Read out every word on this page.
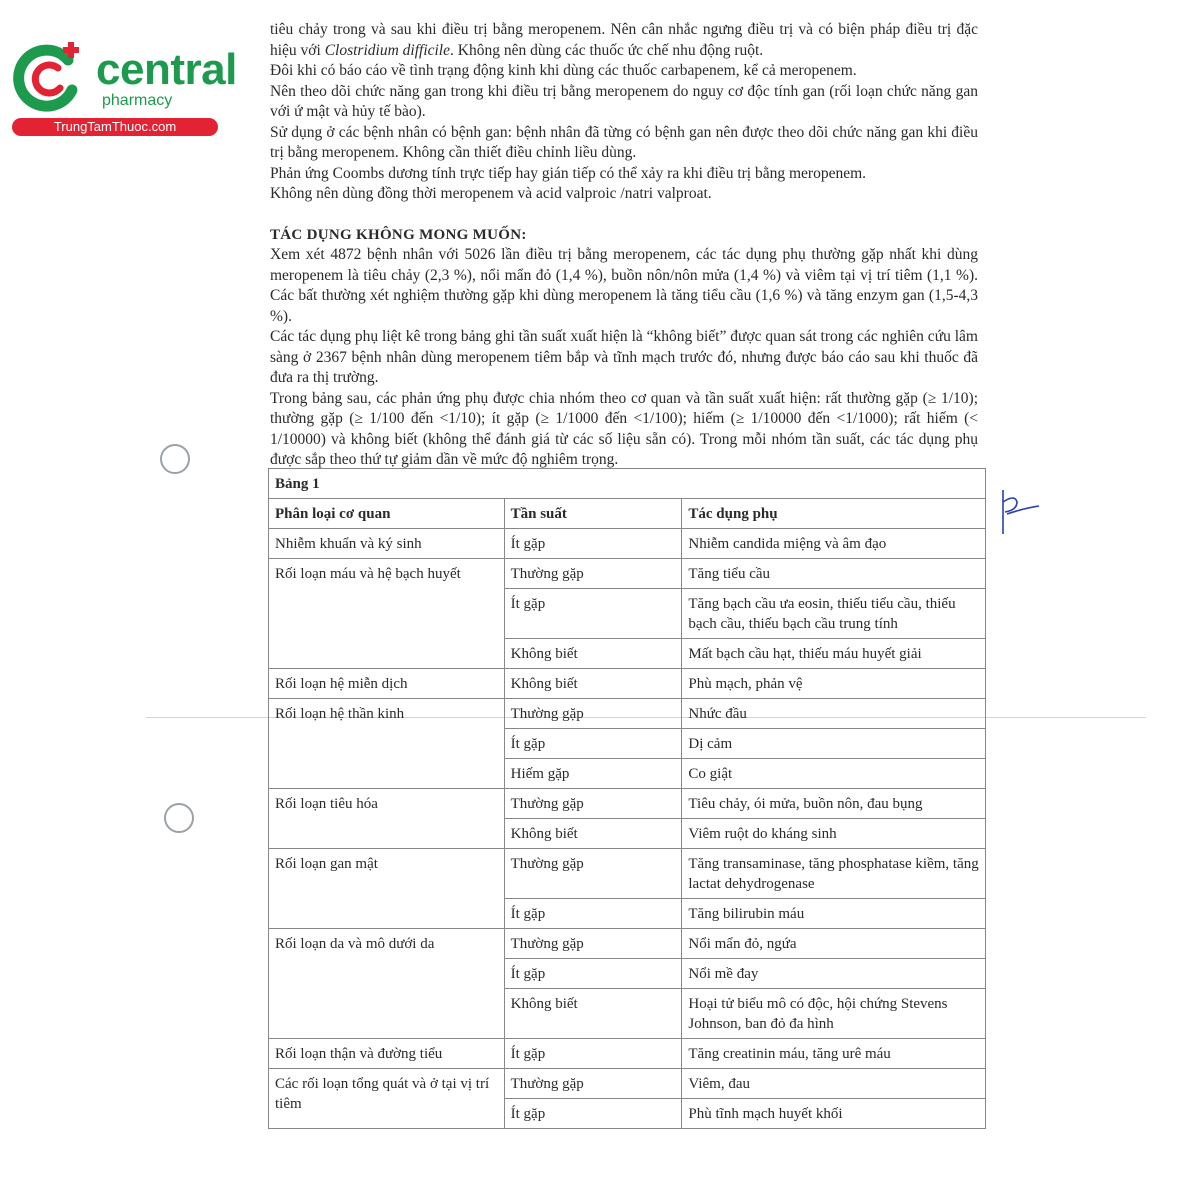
central
pharmacy
TrungTamThuoc.com

tiêu chảy trong và sau khi điều trị bằng meropenem. Nên cân nhắc ngưng điều trị và có biện pháp điều trị đặc hiệu với Clostridium difficile. Không nên dùng các thuốc ức chế nhu động ruột.

Đôi khi có báo cáo về tình trạng động kinh khi dùng các thuốc carbapenem, kể cả meropenem.

Nên theo dõi chức năng gan trong khi điều trị bằng meropenem do nguy cơ độc tính gan (rối loạn chức năng gan với ứ mật và hủy tế bào).

Sử dụng ở các bệnh nhân có bệnh gan: bệnh nhân đã từng có bệnh gan nên được theo dõi chức năng gan khi điều trị bằng meropenem. Không cần thiết điều chỉnh liều dùng.

Phản ứng Coombs dương tính trực tiếp hay gián tiếp có thể xảy ra khi điều trị bằng meropenem.

Không nên dùng đồng thời meropenem và acid valproic /natri valproat.

TÁC DỤNG KHÔNG MONG MUỐN:

Xem xét 4872 bệnh nhân với 5026 lần điều trị bằng meropenem, các tác dụng phụ thường gặp nhất khi dùng meropenem là tiêu chảy (2,3 %), nổi mẩn đỏ (1,4 %), buồn nôn/nôn mửa (1,4 %) và viêm tại vị trí tiêm (1,1 %). Các bất thường xét nghiệm thường gặp khi dùng meropenem là tăng tiểu cầu (1,6 %) và tăng enzym gan (1,5-4,3 %).

Các tác dụng phụ liệt kê trong bảng ghi tần suất xuất hiện là “không biết” được quan sát trong các nghiên cứu lâm sàng ở 2367 bệnh nhân dùng meropenem tiêm bắp và tĩnh mạch trước đó, nhưng được báo cáo sau khi thuốc đã đưa ra thị trường.

Trong bảng sau, các phản ứng phụ được chia nhóm theo cơ quan và tần suất xuất hiện: rất thường gặp (≥ 1/10); thường gặp (≥ 1/100 đến <1/10); ít gặp (≥ 1/1000 đến <1/100); hiếm (≥ 1/10000 đến <1/1000); rất hiếm (< 1/10000) và không biết (không thể đánh giá từ các số liệu sẵn có). Trong mỗi nhóm tần suất, các tác dụng phụ được sắp theo thứ tự giảm dần về mức độ nghiêm trọng.

Bảng 1		
Phân loại cơ quan	Tần suất	Tác dụng phụ
Nhiễm khuẩn và ký sinh	Ít gặp	Nhiễm candida miệng và âm đạo
Rối loạn máu và hệ bạch huyết	Thường gặp	Tăng tiểu cầu
	Ít gặp	Tăng bạch cầu ưa eosin, thiếu tiểu cầu, thiếu bạch cầu, thiếu bạch cầu trung tính
	Không biết	Mất bạch cầu hạt, thiếu máu huyết giải
Rối loạn hệ miễn dịch	Không biết	Phù mạch, phản vệ
Rối loạn hệ thần kinh	Thường gặp	Nhức đầu
	Ít gặp	Dị cảm
	Hiếm gặp	Co giật
Rối loạn tiêu hóa	Thường gặp	Tiêu chảy, ói mửa, buồn nôn, đau bụng
	Không biết	Viêm ruột do kháng sinh
Rối loạn gan mật	Thường gặp	Tăng transaminase, tăng phosphatase kiềm, tăng lactat dehydrogenase
	Ít gặp	Tăng bilirubin máu
Rối loạn da và mô dưới da	Thường gặp	Nổi mẩn đỏ, ngứa
	Ít gặp	Nổi mề đay
	Không biết	Hoại tử biểu mô có độc, hội chứng Stevens Johnson, ban đỏ đa hình
Rối loạn thận và đường tiểu	Ít gặp	Tăng creatinin máu, tăng urê máu
Các rối loạn tổng quát và ở tại vị trí tiêm	Thường gặp	Viêm, đau
	Ít gặp	Phù tĩnh mạch huyết khối
